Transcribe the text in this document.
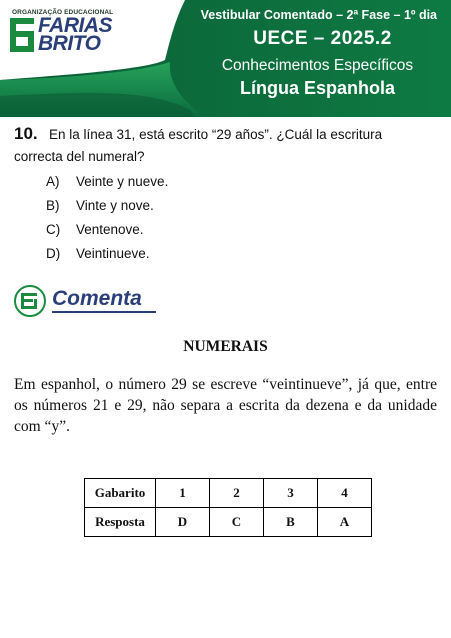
ORGANIZAÇÃO EDUCACIONAL
FARIAS
BRITO
Vestibular Comentado – 2ª Fase – 1º dia
UECE – 2025.2
Conhecimentos Específicos
Língua Espanhola
10. En la línea 31, está escrito “29 años”. ¿Cuál la escritura
correcta del numeral?
A) Veinte y nueve.
B) Vinte y nove.
C) Ventenove.
D) Veintinueve.
Comenta
NUMERAIS

Em espanhol, o número 29 se escreve “veintinueve”, já que, entre os números 21 e 29, não separa a escrita da dezena e da unidade com “y”.

Gabarito	1	2	3	4
Resposta	D	C	B	A
